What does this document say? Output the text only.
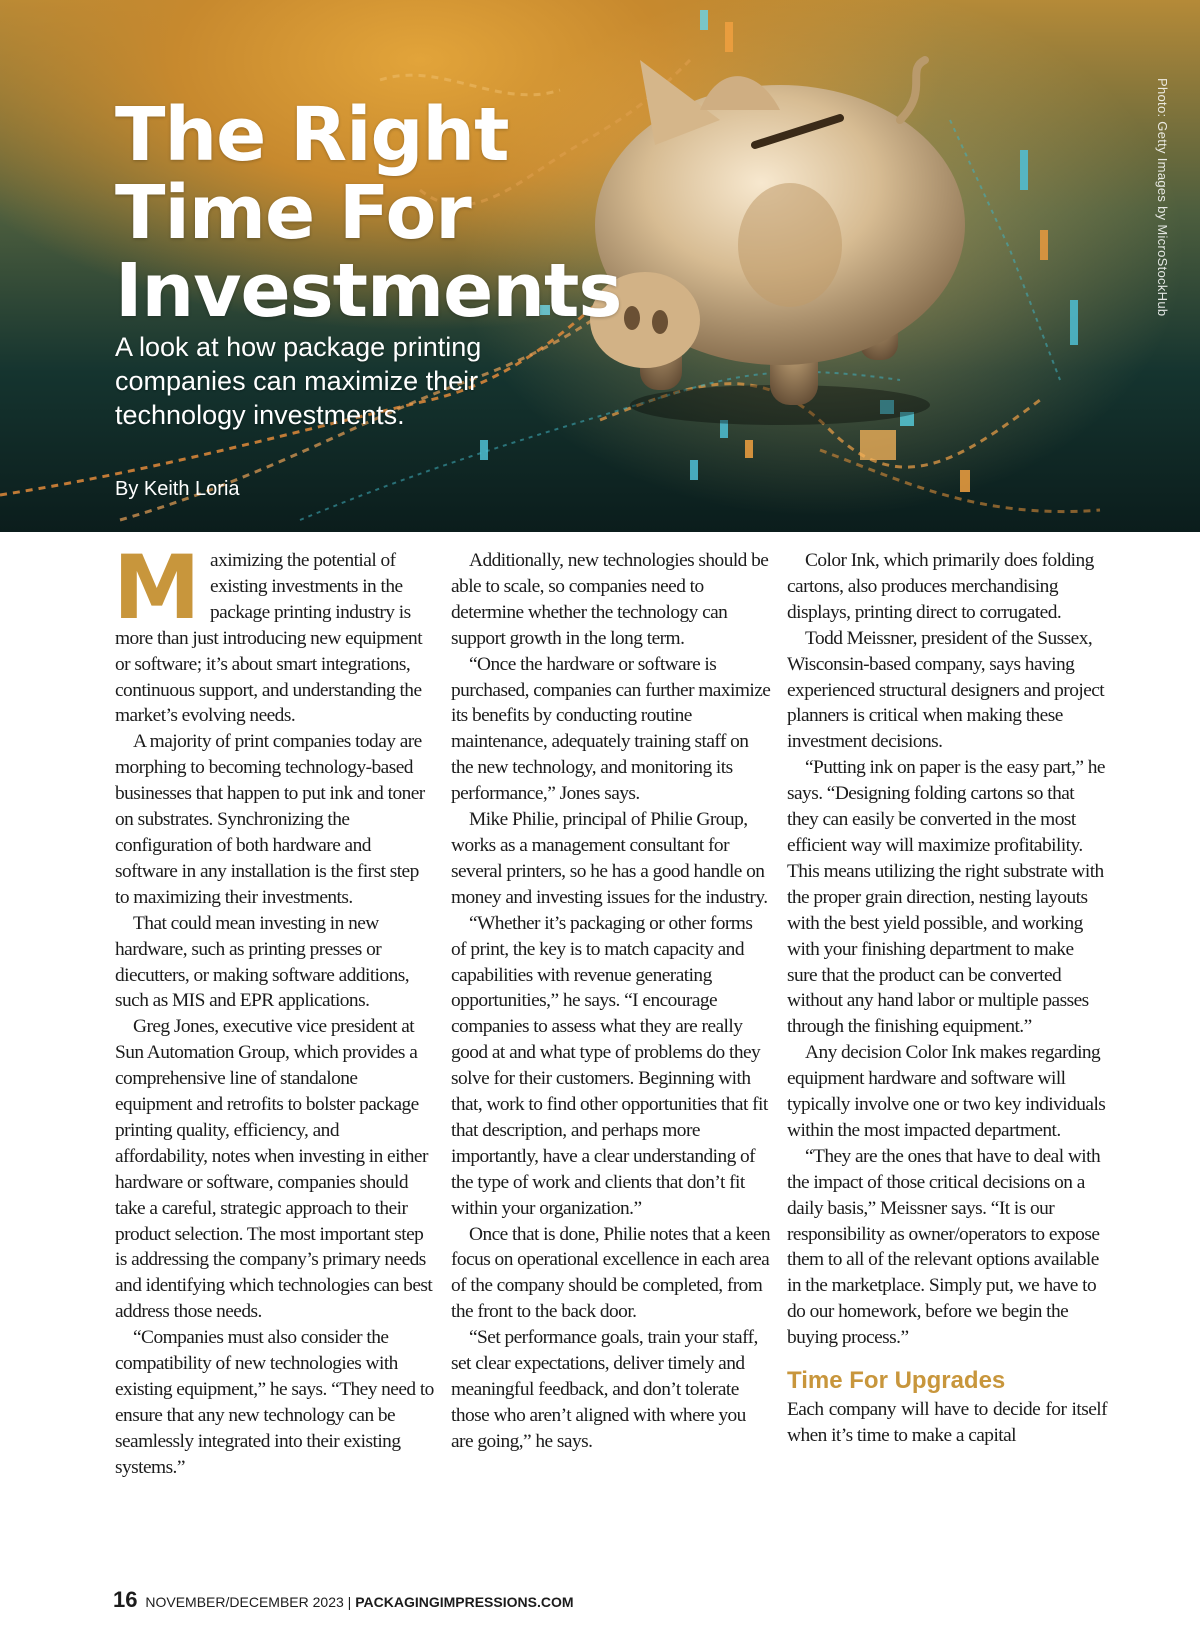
The Right
Time For
Investments

A look at how package printing companies can maximize their technology investments.

By Keith Loria
Photo: Getty Images by MicroStockHub

Maximizing the potential of existing investments in the package printing industry is more than just introducing new equipment or software; it’s about smart integrations, continuous support, and understanding the market’s evolving needs.

A majority of print companies today are morphing to becoming technology-based businesses that happen to put ink and toner on substrates. Synchronizing the configuration of both hardware and software in any installation is the first step to maximizing their investments.

That could mean investing in new hardware, such as printing presses or diecutters, or making software additions, such as MIS and EPR applications.

Greg Jones, executive vice president at Sun Automation Group, which provides a comprehensive line of standalone equipment and retrofits to bolster package printing quality, efficiency, and affordability, notes when investing in either hardware or software, companies should take a careful, strategic approach to their product selection. The most important step is addressing the company’s primary needs and identifying which technologies can best address those needs.

“Companies must also consider the compatibility of new technologies with existing equipment,” he says. “They need to ensure that any new technology can be seamlessly integrated into their existing systems.”

Additionally, new technologies should be able to scale, so companies need to determine whether the technology can support growth in the long term.

“Once the hardware or software is purchased, companies can further maximize its benefits by conducting routine maintenance, adequately training staff on the new technology, and monitoring its performance,” Jones says.

Mike Philie, principal of Philie Group, works as a management consultant for several printers, so he has a good handle on money and investing issues for the industry.

“Whether it’s packaging or other forms of print, the key is to match capacity and capabilities with revenue generating opportunities,” he says. “I encourage companies to assess what they are really good at and what type of problems do they solve for their customers. Beginning with that, work to find other opportunities that fit that description, and perhaps more importantly, have a clear understanding of the type of work and clients that don’t fit within your organization.”

Once that is done, Philie notes that a keen focus on operational excellence in each area of the company should be completed, from the front to the back door.

“Set performance goals, train your staff, set clear expectations, deliver timely and meaningful feedback, and don’t tolerate those who aren’t aligned with where you are going,” he says.

Color Ink, which primarily does folding cartons, also produces merchandising displays, printing direct to corrugated.

Todd Meissner, president of the Sussex, Wisconsin-based company, says having experienced structural designers and project planners is critical when making these investment decisions.

“Putting ink on paper is the easy part,” he says. “Designing folding cartons so that they can easily be converted in the most efficient way will maximize profitability. This means utilizing the right substrate with the proper grain direction, nesting layouts with the best yield possible, and working with your finishing department to make sure that the product can be converted without any hand labor or multiple passes through the finishing equipment.”

Any decision Color Ink makes regarding equipment hardware and software will typically involve one or two key individuals within the most impacted department.

“They are the ones that have to deal with the impact of those critical decisions on a daily basis,” Meissner says. “It is our responsibility as owner/operators to expose them to all of the relevant options available in the marketplace. Simply put, we have to do our homework, before we begin the buying process.”

Time For Upgrades

Each company will have to decide for itself when it’s time to make a capital

16 NOVEMBER/DECEMBER 2023 | PACKAGINGIMPRESSIONS.COM
